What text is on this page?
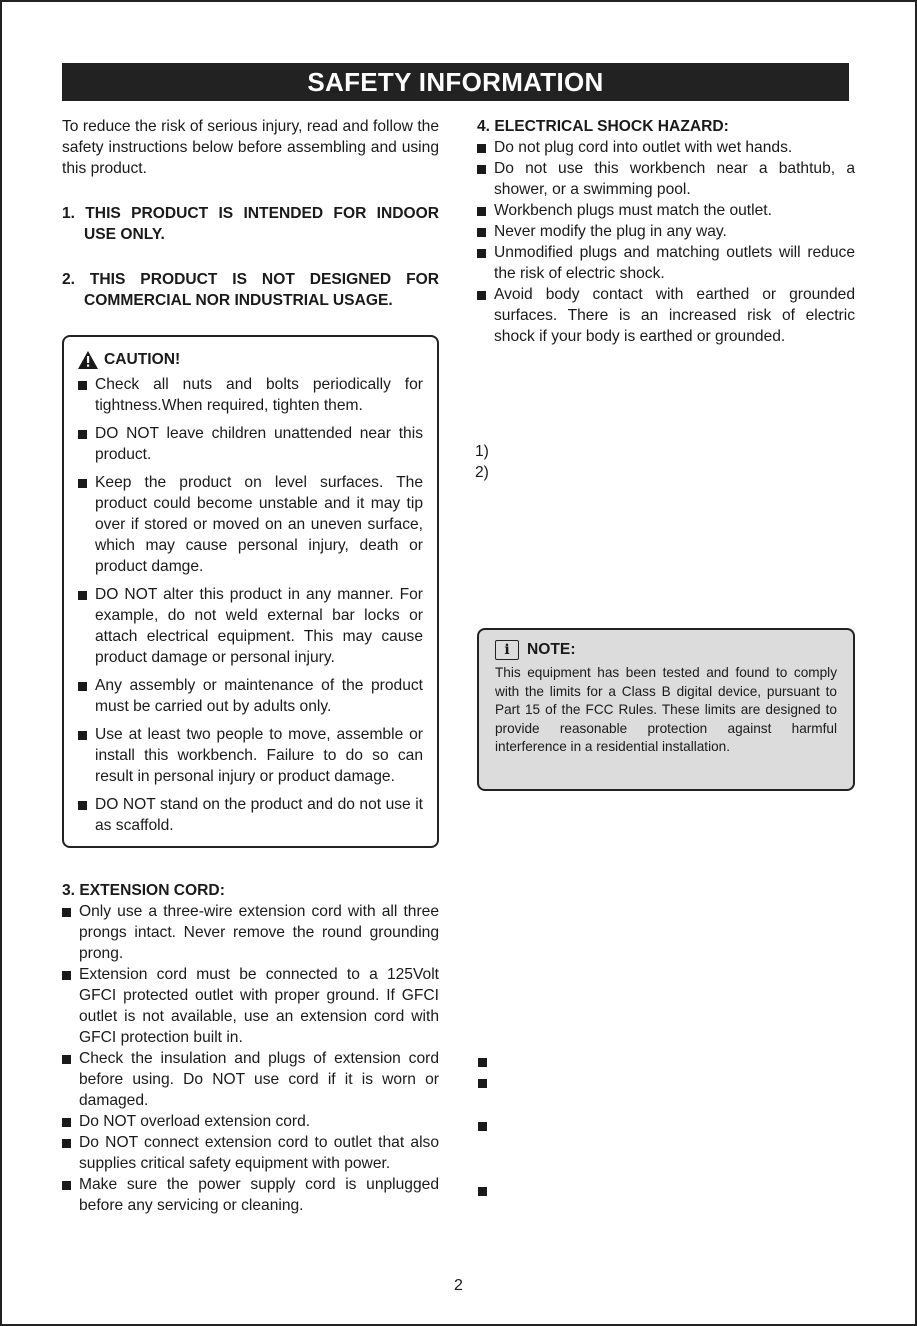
SAFETY INFORMATION

To reduce the risk of serious injury, read and follow the safety instructions below before assembling and using this product.

1. THIS PRODUCT IS INTENDED FOR INDOOR USE ONLY.

2. THIS PRODUCT IS NOT DESIGNED FOR COMMERCIAL NOR INDUSTRIAL USAGE.

CAUTION!
Check all nuts and bolts periodically for tightness.When required, tighten them.
DO NOT leave children unattended near this product.
Keep the product on level surfaces. The product could become unstable and it may tip over if stored or moved on an uneven surface, which may cause personal injury, death or product damge.
DO NOT alter this product in any manner. For example, do not weld external bar locks or attach electrical equipment. This may cause product damage or personal injury.
Any assembly or maintenance of the product must be carried out by adults only.
Use at least two people to move, assemble or install this workbench. Failure to do so can result in personal injury or product damage.
DO NOT stand on the product and do not use it as scaffold.

3. EXTENSION CORD:

Only use a three-wire extension cord with all three prongs intact. Never remove the round grounding prong.
Extension cord must be connected to a 125Volt GFCI protected outlet with proper ground. If GFCI outlet is not available, use an extension cord with GFCI protection built in.
Check the insulation and plugs of extension cord before using. Do NOT use cord if it is worn or damaged.
Do NOT overload extension cord.
Do NOT connect extension cord to outlet that also supplies critical safety equipment with power.
Make sure the power supply cord is unplugged before any servicing or cleaning.

4. ELECTRICAL SHOCK HAZARD:

Do not plug cord into outlet with wet hands.
Do not use this workbench near a bathtub, a shower, or a swimming pool.
Workbench plugs must match the outlet.
Never modify the plug in any way.
Unmodified plugs and matching outlets will reduce the risk of electric shock.
Avoid body contact with earthed or grounded surfaces. There is an increased risk of electric shock if your body is earthed or grounded.
1)
2)
i	NOTE:

This equipment has been tested and found to comply with the limits for a Class B digital device, pursuant to Part 15 of the FCC Rules. These limits are designed to provide reasonable protection against harmful interference in a residential installation.

2
